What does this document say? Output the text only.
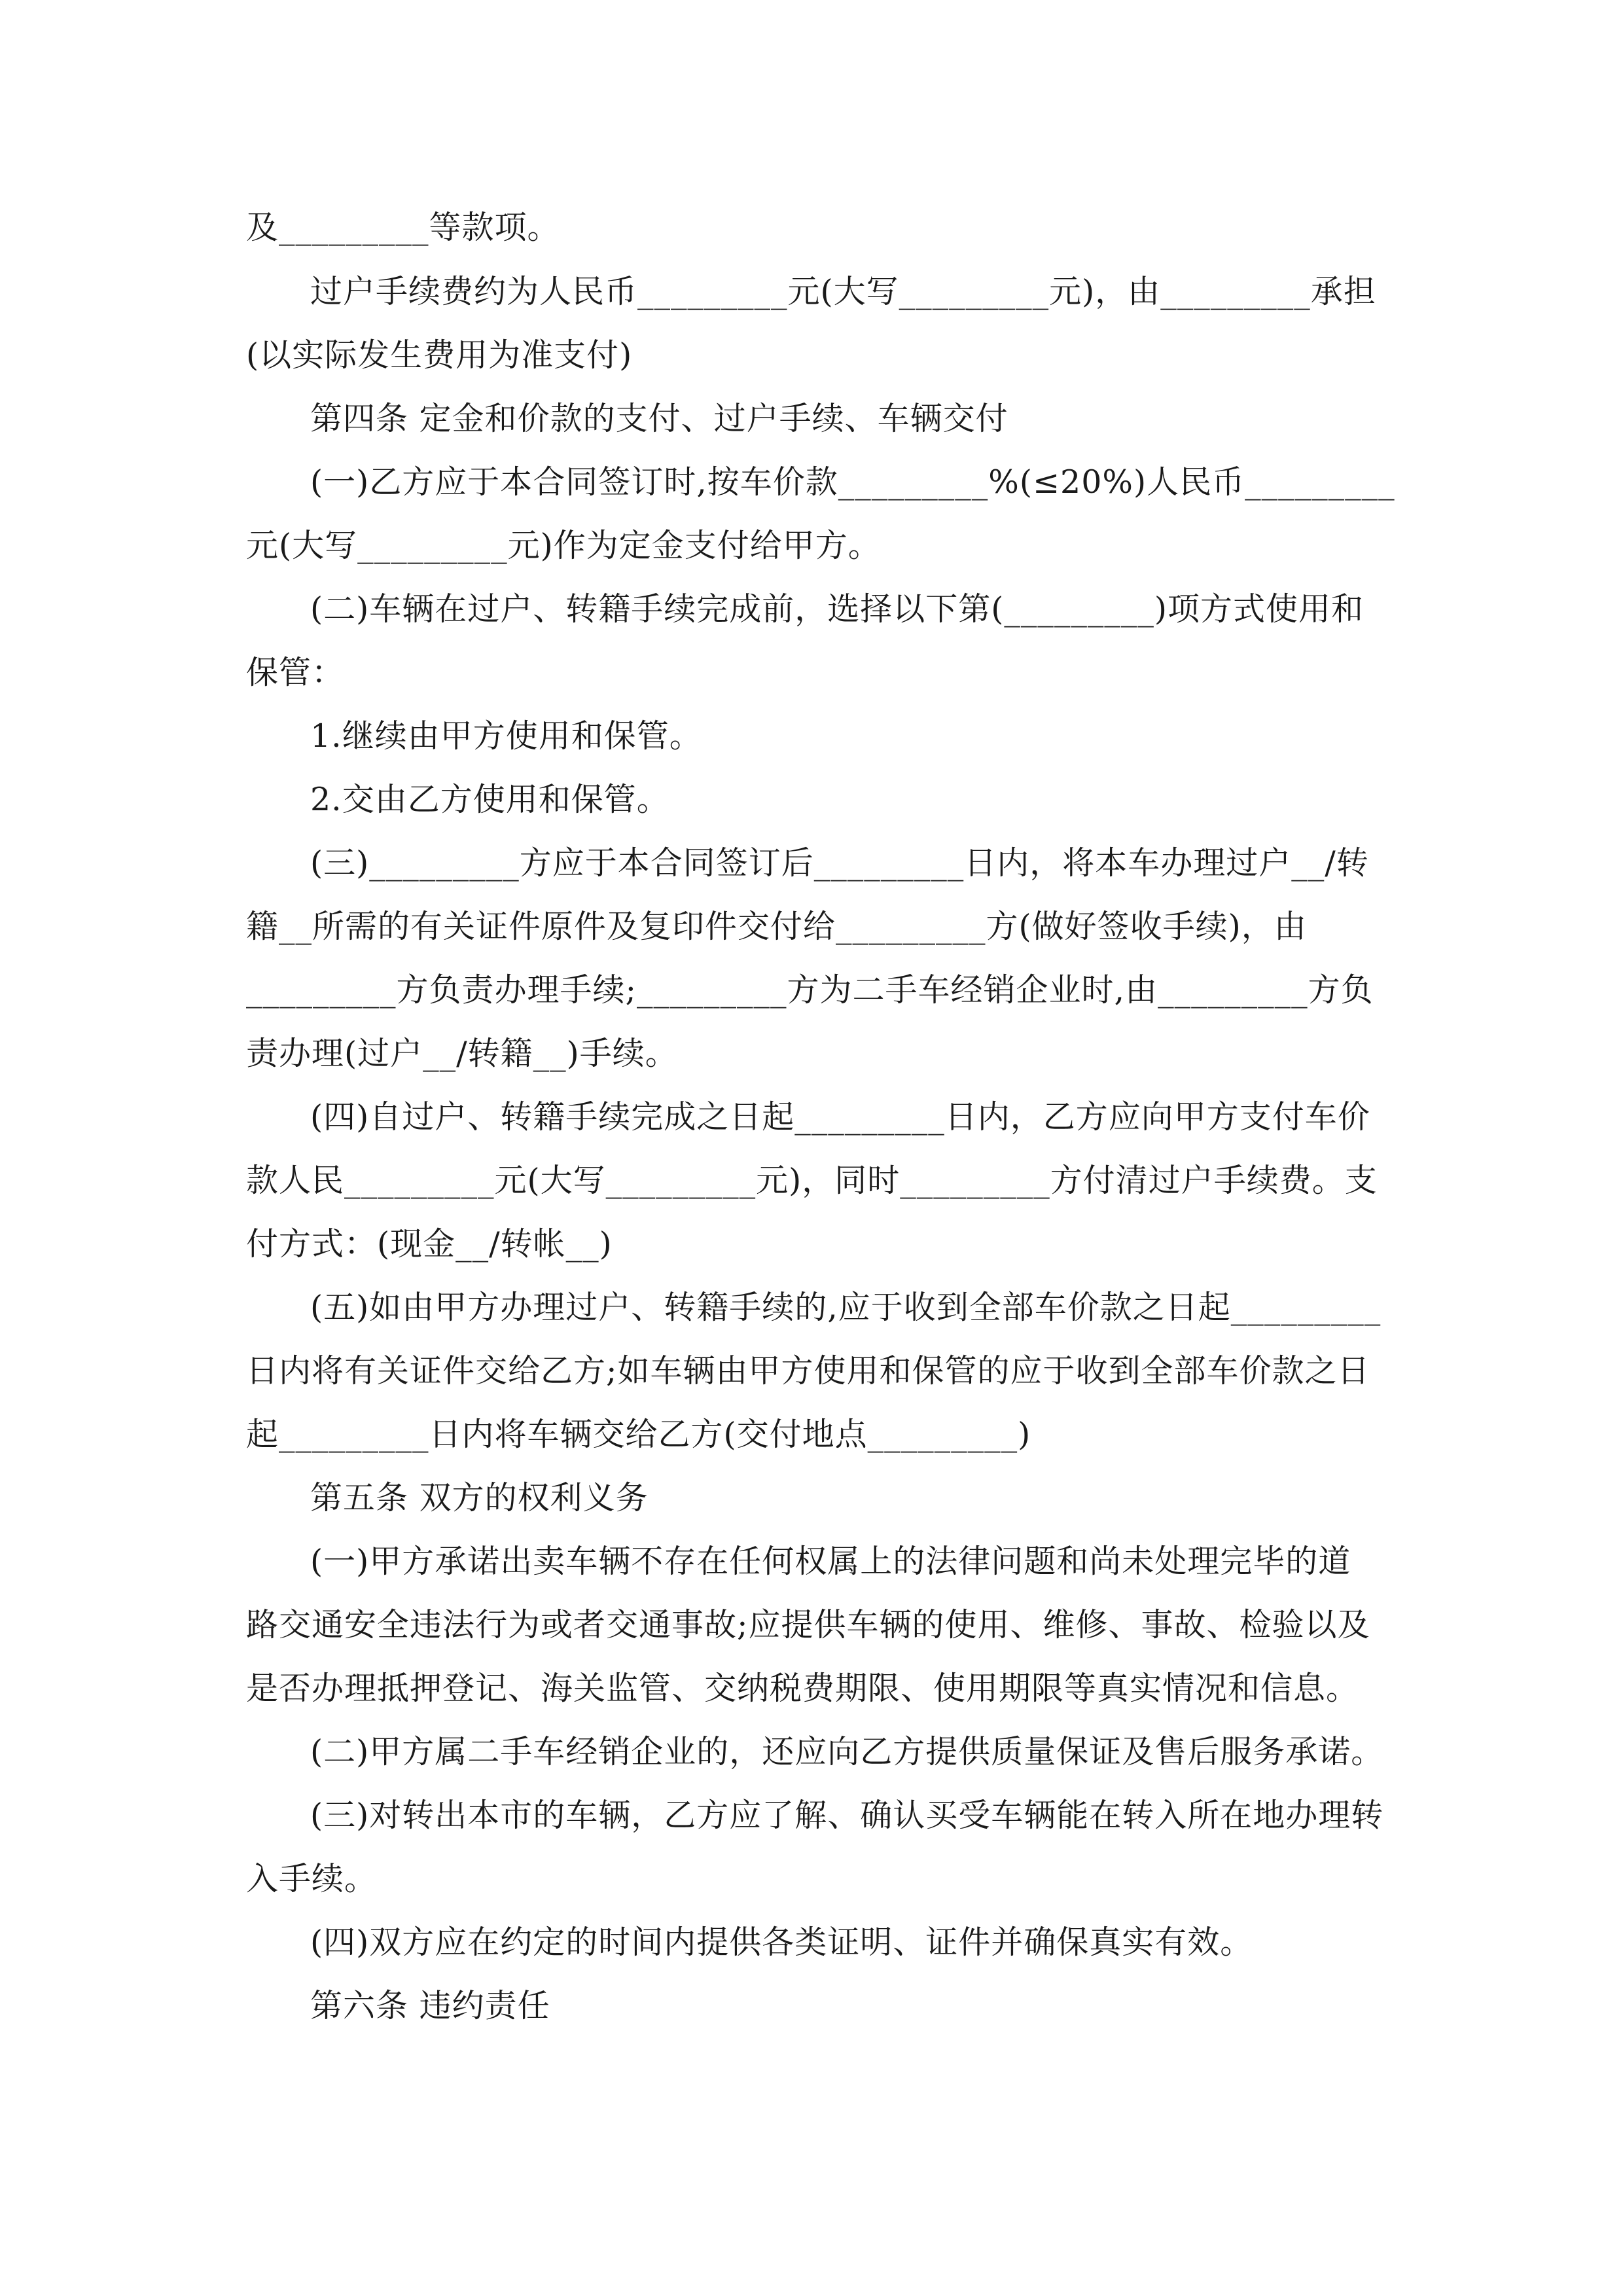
及_________等款项。
过户手续费约为人民币_________元(大写_________元)，由_________承担
(以实际发生费用为准支付)
第四条 定金和价款的支付、过户手续、车辆交付
(一)乙方应于本合同签订时,按车价款_________%(≤20%)人民币_________
元(大写_________元)作为定金支付给甲方。
(二)车辆在过户、转籍手续完成前，选择以下第(_________)项方式使用和
保管：
1.继续由甲方使用和保管。
2.交由乙方使用和保管。
(三)_________方应于本合同签订后_________日内，将本车办理过户__/转
籍__所需的有关证件原件及复印件交付给_________方(做好签收手续)，由
_________方负责办理手续;_________方为二手车经销企业时,由_________方负
责办理(过户__/转籍__)手续。
(四)自过户、转籍手续完成之日起_________日内，乙方应向甲方支付车价
款人民_________元(大写_________元)，同时_________方付清过户手续费。支
付方式：(现金__/转帐__)
(五)如由甲方办理过户、转籍手续的,应于收到全部车价款之日起_________
日内将有关证件交给乙方;如车辆由甲方使用和保管的应于收到全部车价款之日
起_________日内将车辆交给乙方(交付地点_________)
第五条 双方的权利义务
(一)甲方承诺出卖车辆不存在任何权属上的法律问题和尚未处理完毕的道
路交通安全违法行为或者交通事故;应提供车辆的使用、维修、事故、检验以及
是否办理抵押登记、海关监管、交纳税费期限、使用期限等真实情况和信息。
(二)甲方属二手车经销企业的，还应向乙方提供质量保证及售后服务承诺。
(三)对转出本市的车辆，乙方应了解、确认买受车辆能在转入所在地办理转
入手续。
(四)双方应在约定的时间内提供各类证明、证件并确保真实有效。
第六条 违约责任
